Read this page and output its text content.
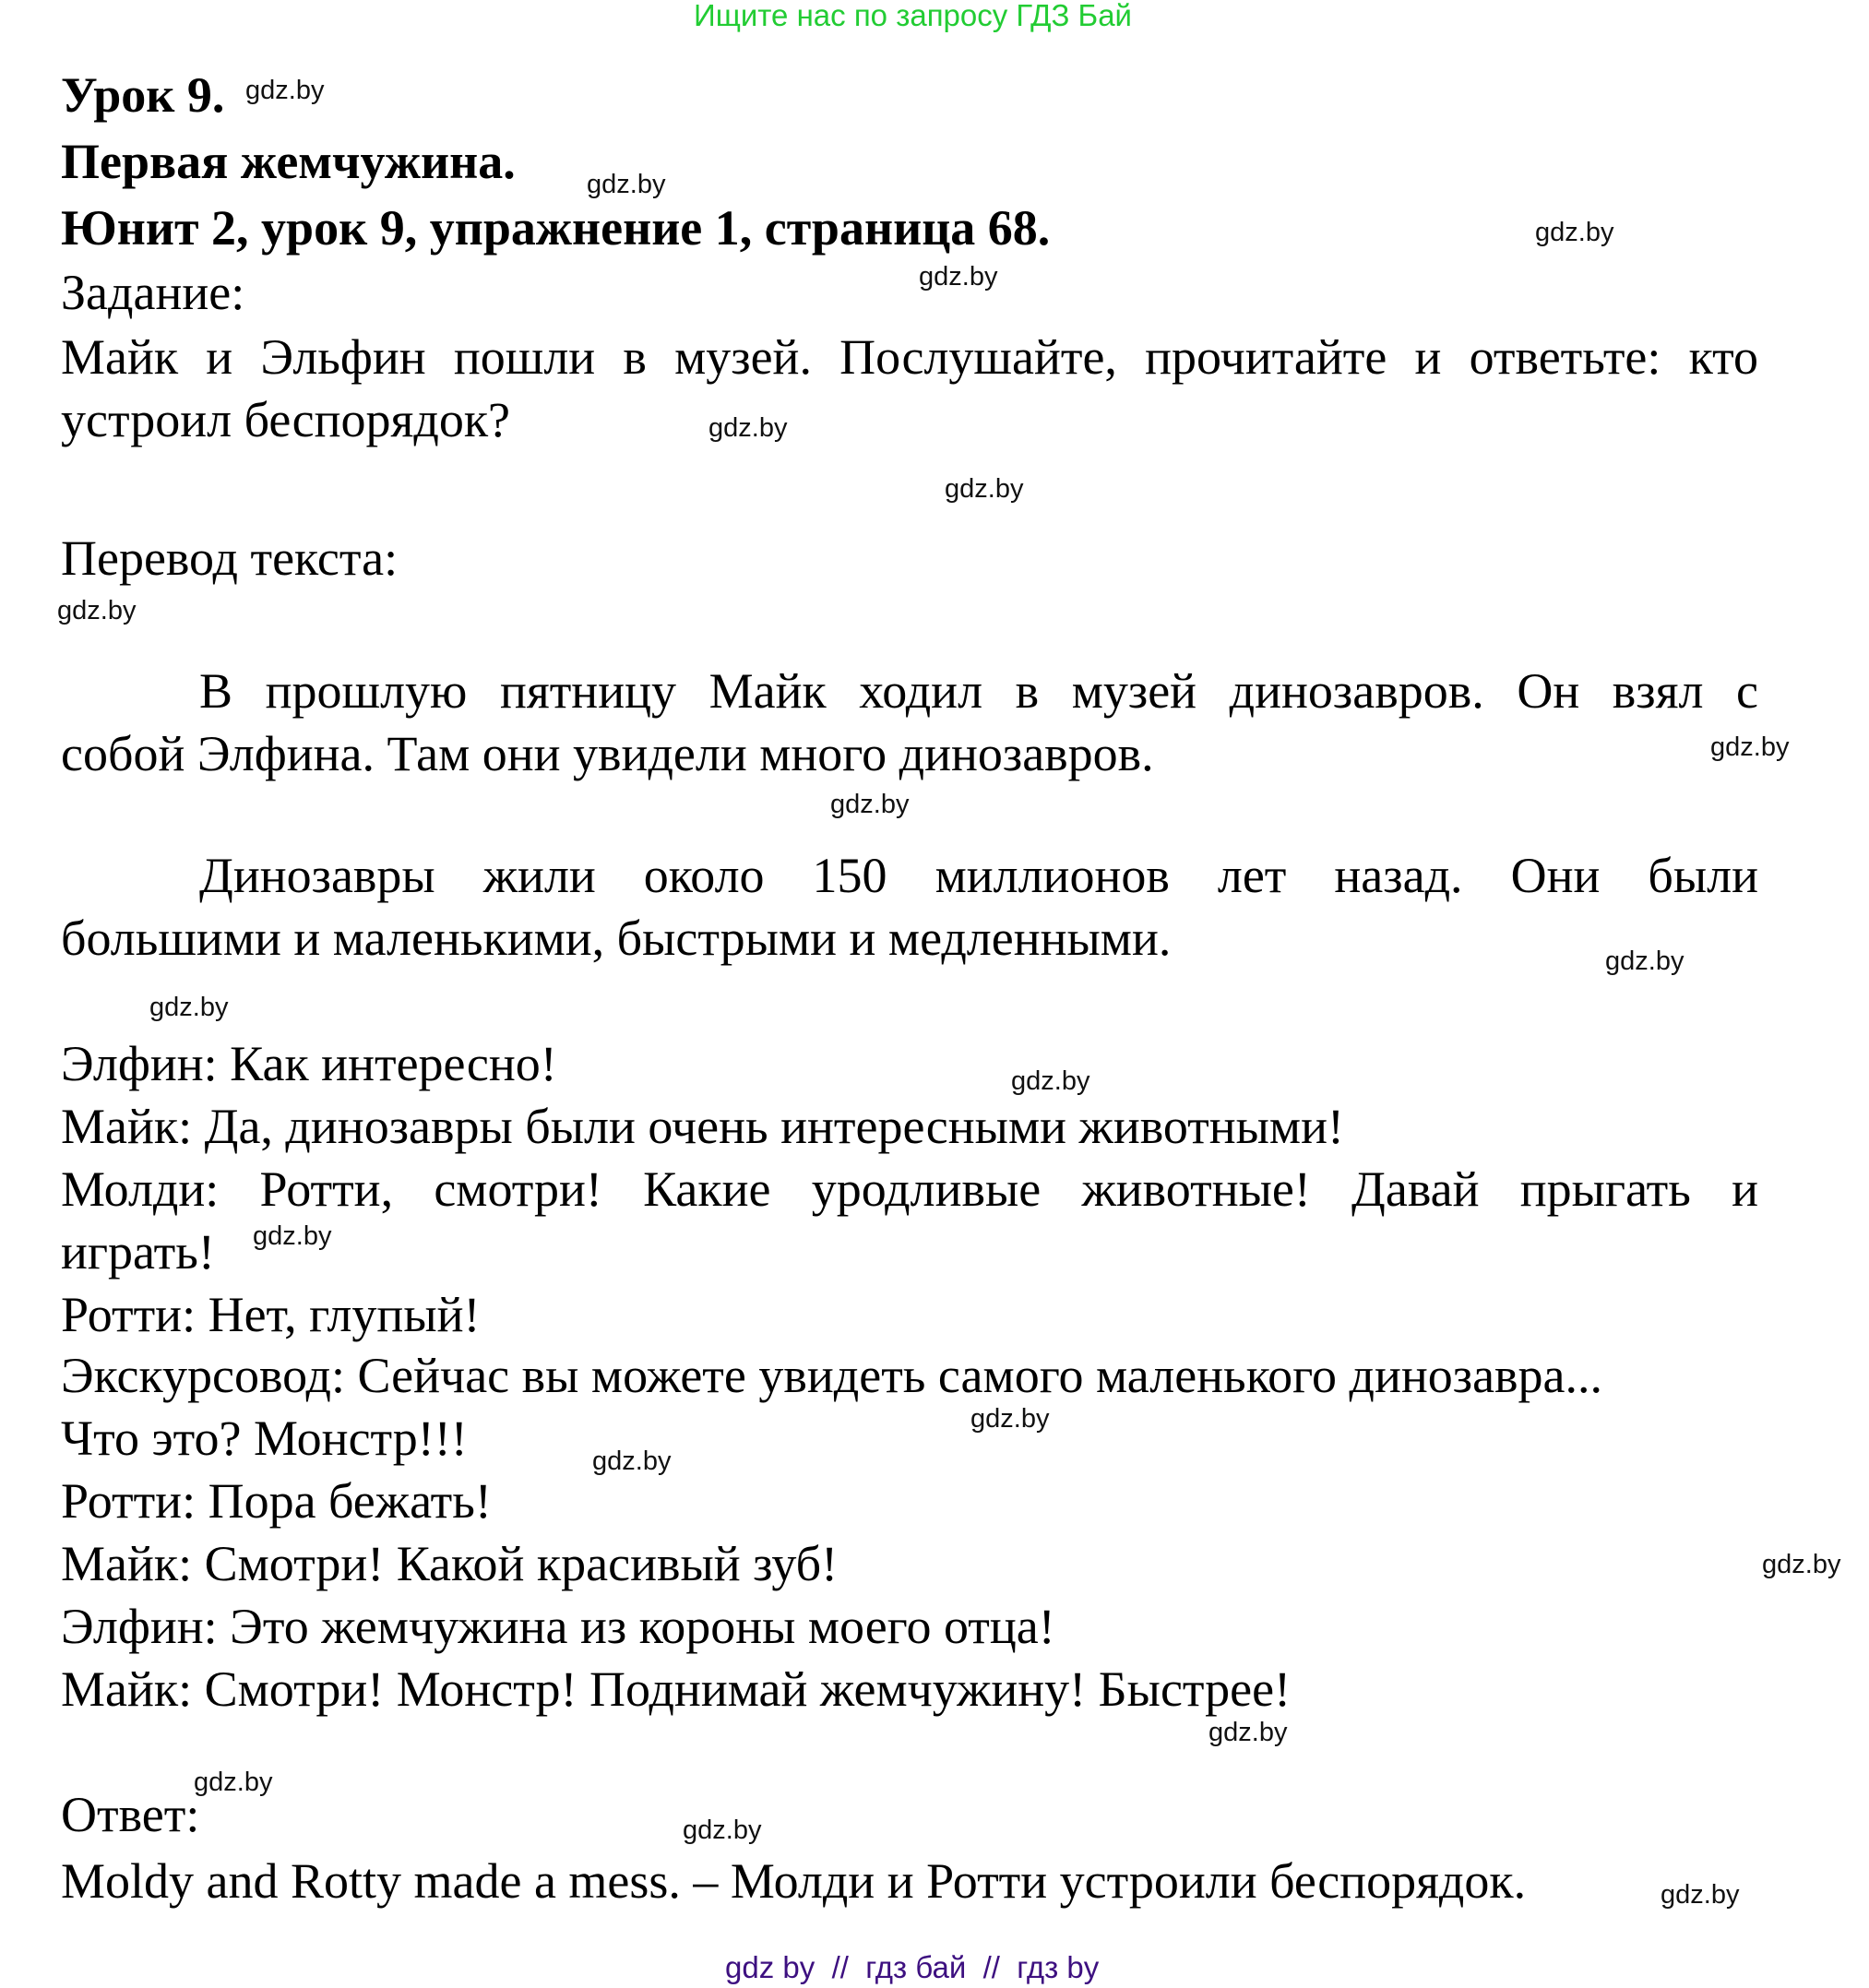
Ищите нас по запросу ГДЗ Бай
Урок 9. gdz.by
Первая жемчужина.	gdz.by
Юнит 2, урок 9, упражнение 1, страница 68.	gdz.by
Задание:	gdz.by
Майк и Эльфин пошли в музей. Послушайте, прочитайте и ответьте: кто
устроил беспорядок?	gdz.by
gdz.by
Перевод текста:
gdz.by
В прошлую пятницу Майк ходил в музей динозавров. Он взял с
собой Элфина. Там они увидели много динозавров.	gdz.by
gdz.by
Динозавры жили около 150 миллионов лет назад. Они были
большими и маленькими, быстрыми и медленными.	gdz.by
gdz.by
Элфин: Как интересно!	gdz.by
Майк: Да, динозавры были очень интересными животными!
Молди: Ротти, смотри! Какие уродливые животные! Давай прыгать и
играть! gdz.by
Ротти: Нет, глупый!
Экскурсовод: Сейчас вы можете увидеть самого маленького динозавра...
gdz.by
Что это? Монстр!!!	gdz.by
Ротти: Пора бежать!
Майк: Смотри! Какой красивый зуб!	gdz.by
Элфин: Это жемчужина из короны моего отца!
Майк: Смотри! Монстр! Поднимай жемчужину! Быстрее!
gdz.by
gdz.by
Ответ:	gdz.by
Moldy and Rotty made a mess. – Молди и Ротти устроили беспорядок.	gdz.by
gdz by  //  гдз бай  //  гдз by
